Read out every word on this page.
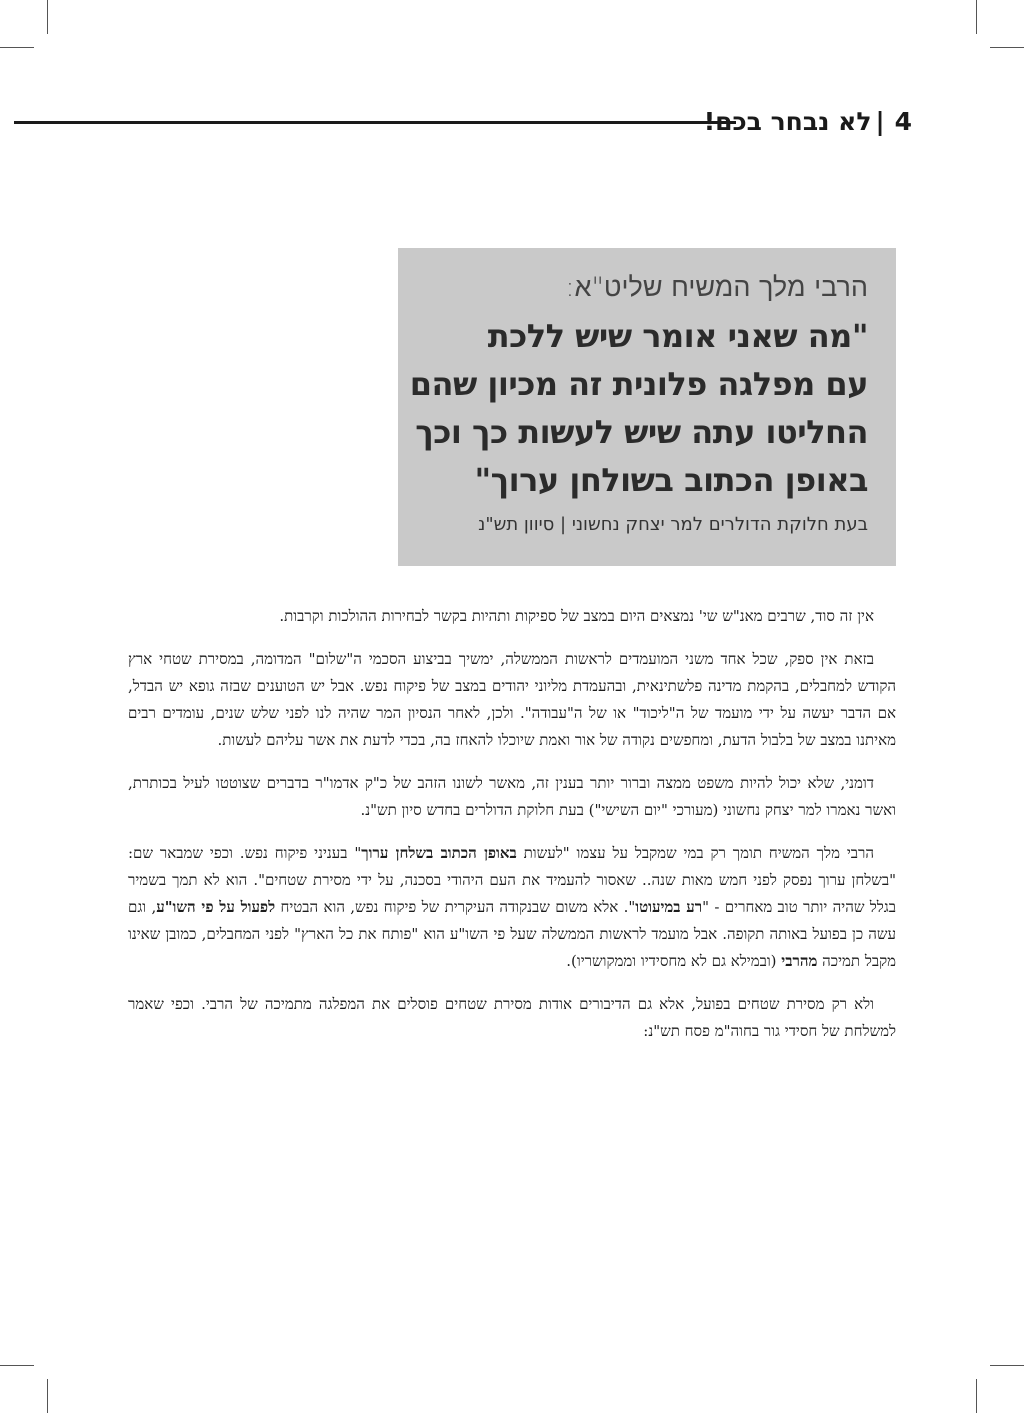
4|לא נבחר בכם!
הרבי מלך המשיח שליט"א:
"מה שאני אומר שיש ללכת
עם מפלגה פלונית זה מכיון שהם
החליטו עתה שיש לעשות כך וכך
באופן הכתוב בשולחן ערוך"
בעת חלוקת הדולרים למר יצחק נחשוני | סיוון תש"נ

אין זה סוד, שרבים מאנ"ש שי' נמצאים היום במצב של ספיקות ותהיות בקשר לבחירות ההולכות וקרבות.

בזאת אין ספק, שכל אחד משני המועמדים לראשות הממשלה, ימשיך בביצוע הסכמי ה"שלום" המדומה, במסירת שטחי ארץ הקודש למחבלים, בהקמת מדינה פלשתינאית, ובהעמדת מליוני יהודים במצב של פיקוח נפש. אבל יש הטוענים שבזה גופא יש הבדל, אם הדבר יעשה על ידי מועמד של ה"ליכוד" או של ה"עבודה". ולכן, לאחר הנסיון המר שהיה לנו לפני שלש שנים, עומדים רבים מאיתנו במצב של בלבול הדעת, ומחפשים נקודה של אור ואמת שיוכלו להאחז בה, בכדי לדעת את אשר עליהם לעשות.

דומני, שלא יכול להיות משפט ממצה וברור יותר בענין זה, מאשר לשונו הזהב של כ"ק אדמו"ר בדברים שצוטטו לעיל בכותרת, ואשר נאמרו למר יצחק נחשוני (מעורכי "יום השישי") בעת חלוקת הדולרים בחדש סיון תש"נ.

הרבי מלך המשיח תומך רק במי שמקבל על עצמו "לעשות באופן הכתוב בשלחן ערוך" בעניני פיקוח נפש. וכפי שמבאר שם: "בשלחן ערוך נפסק לפני חמש מאות שנה.. שאסור להעמיד את העם היהודי בסכנה, על ידי מסירת שטחים". הוא לא תמך בשמיר בגלל שהיה יותר טוב מאחרים - "רע במיעוטו". אלא משום שבנקודה העיקרית של פיקוח נפש, הוא הבטיח לפעול על פי השו"ע, וגם עשה כן בפועל באותה תקופה. אבל מועמד לראשות הממשלה שעל פי השו"ע הוא "פותח את כל הארץ" לפני המחבלים, כמובן שאינו מקבל תמיכה מהרבי (ובמילא גם לא מחסידיו וממקושריו).

ולא רק מסירת שטחים בפועל, אלא גם הדיבורים אודות מסירת שטחים פוסלים את המפלגה מתמיכה של הרבי. וכפי שאמר למשלחת של חסידי גור בחוה"מ פסח תש"נ:
